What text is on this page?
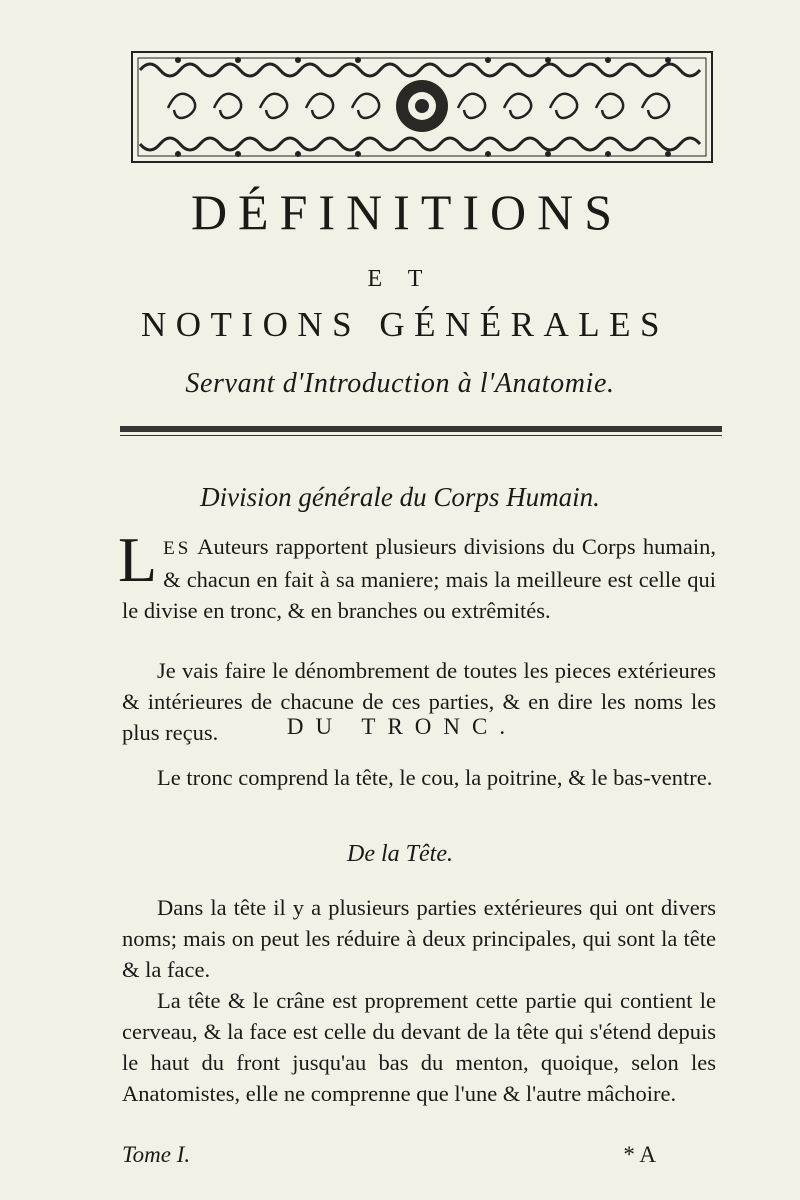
DÉFINITIONS
E T
NOTIONS GÉNÉRALES
Servant d'Introduction à l'Anatomie.
Division générale du Corps Humain.
LES Auteurs rapportent plusieurs divisions du Corps humain, & chacun en fait à sa maniere; mais la meilleure est celle qui le divise en tronc, & en branches ou extrêmités.
Je vais faire le dénombrement de toutes les pieces extérieures & intérieures de chacune de ces parties, & en dire les noms les plus reçus.	DU TRONC.
Le tronc comprend la tête, le cou, la poitrine, & le bas-ventre.
De la Tête.
Dans la tête il y a plusieurs parties extérieures qui ont divers noms; mais on peut les réduire à deux principales, qui sont la tête & la face.
La tête & le crâne est proprement cette partie qui contient le cerveau, & la face est celle du devant de la tête qui s'étend depuis le haut du front jusqu'au bas du menton, quoique, selon les Anatomistes, elle ne comprenne que l'une & l'autre mâchoire.
Tome I.	* A
